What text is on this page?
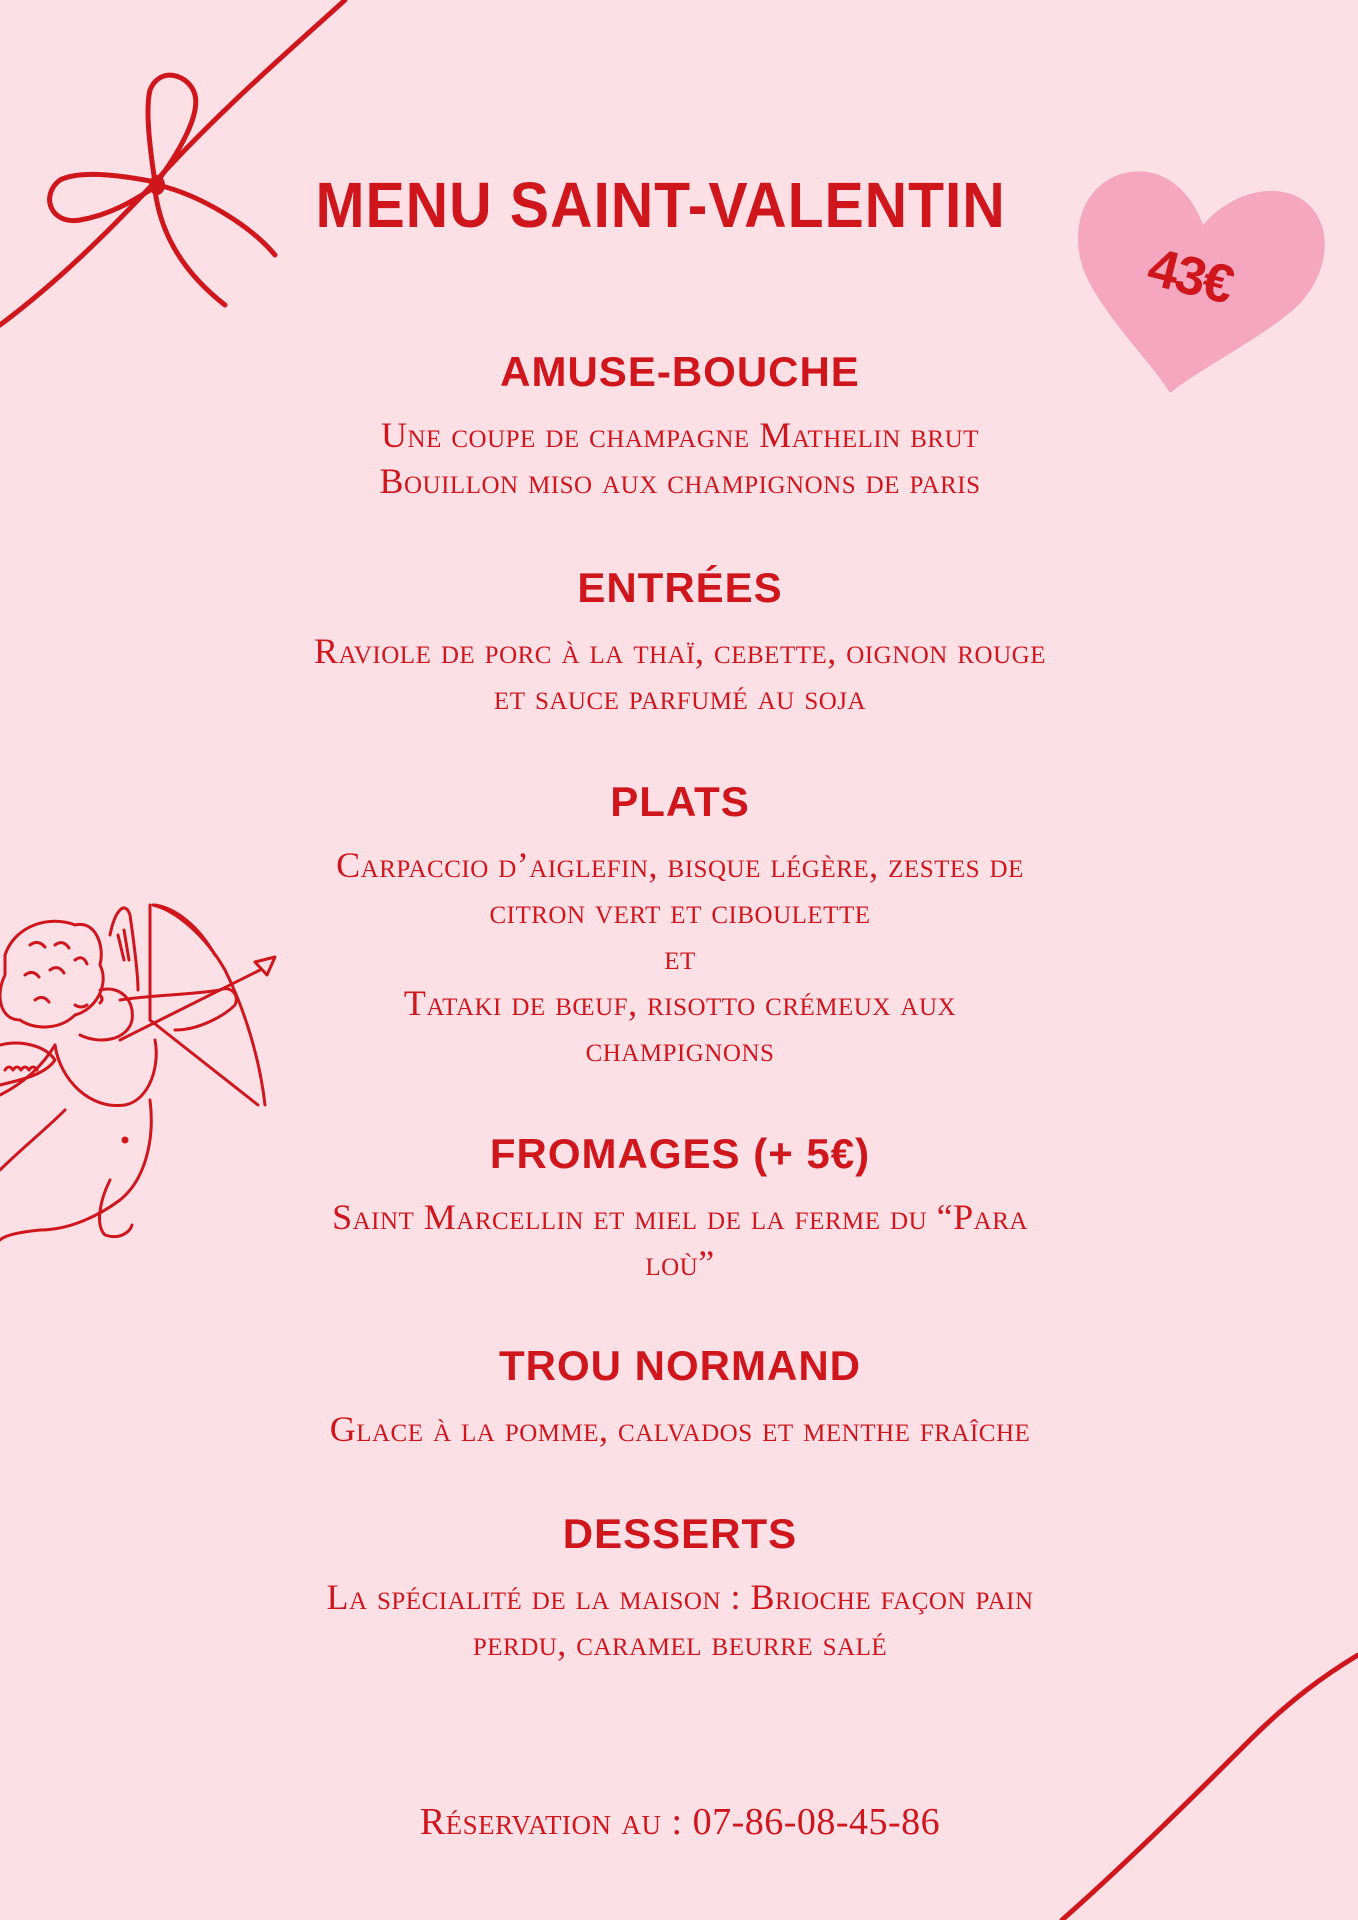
MENU SAINT-VALENTIN
43€
AMUSE-BOUCHE
Une coupe de champagne Mathelin brut
Bouillon miso aux champignons de paris
ENTRÉES
Raviole de porc à la thaï, cebette, oignon rouge
et sauce parfumé au soja
PLATS
Carpaccio d’aiglefin, bisque légère, zestes de
citron vert et ciboulette
et
Tataki de bœuf, risotto crémeux aux
champignons
FROMAGES (+ 5€)
Saint Marcellin et miel de la ferme du “Para
loù”
TROU NORMAND
Glace à la pomme, calvados et menthe fraîche
DESSERTS
La spécialité de la maison : Brioche façon pain
perdu, caramel beurre salé
Réservation au : 07-86-08-45-86
